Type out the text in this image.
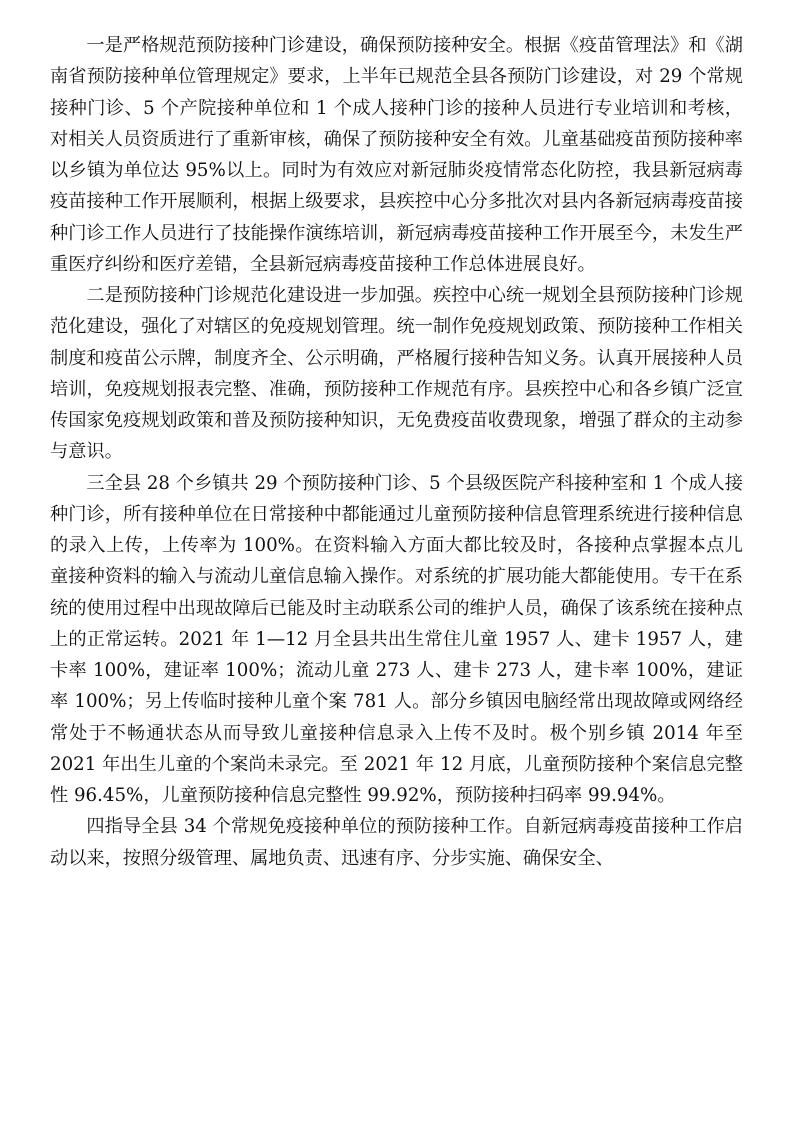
一是严格规范预防接种门诊建设，确保预防接种安全。根据《疫苗管理法》和《湖南省预防接种单位管理规定》要求，上半年已规范全县各预防门诊建设，对 29 个常规接种门诊、5 个产院接种单位和 1 个成人接种门诊的接种人员进行专业培训和考核，对相关人员资质进行了重新审核，确保了预防接种安全有效。儿童基础疫苗预防接种率以乡镇为单位达 95%以上。同时为有效应对新冠肺炎疫情常态化防控，我县新冠病毒疫苗接种工作开展顺利，根据上级要求，县疾控中心分多批次对县内各新冠病毒疫苗接种门诊工作人员进行了技能操作演练培训，新冠病毒疫苗接种工作开展至今，未发生严重医疗纠纷和医疗差错，全县新冠病毒疫苗接种工作总体进展良好。

二是预防接种门诊规范化建设进一步加强。疾控中心统一规划全县预防接种门诊规范化建设，强化了对辖区的免疫规划管理。统一制作免疫规划政策、预防接种工作相关制度和疫苗公示牌，制度齐全、公示明确，严格履行接种告知义务。认真开展接种人员培训，免疫规划报表完整、准确，预防接种工作规范有序。县疾控中心和各乡镇广泛宣传国家免疫规划政策和普及预防接种知识，无免费疫苗收费现象，增强了群众的主动参与意识。

三全县 28 个乡镇共 29 个预防接种门诊、5 个县级医院产科接种室和 1 个成人接种门诊，所有接种单位在日常接种中都能通过儿童预防接种信息管理系统进行接种信息的录入上传，上传率为 100%。在资料输入方面大都比较及时，各接种点掌握本点儿童接种资料的输入与流动儿童信息输入操作。对系统的扩展功能大都能使用。专干在系统的使用过程中出现故障后已能及时主动联系公司的维护人员，确保了该系统在接种点上的正常运转。2021 年 1—12 月全县共出生常住儿童 1957 人、建卡 1957 人，建卡率 100%，建证率 100%；流动儿童 273 人、建卡 273 人，建卡率 100%，建证率 100%；另上传临时接种儿童个案 781 人。部分乡镇因电脑经常出现故障或网络经常处于不畅通状态从而导致儿童接种信息录入上传不及时。极个别乡镇 2014 年至 2021 年出生儿童的个案尚未录完。至 2021 年 12 月底，儿童预防接种个案信息完整性 96.45%，儿童预防接种信息完整性 99.92%，预防接种扫码率 99.94%。

四指导全县 34 个常规免疫接种单位的预防接种工作。自新冠病毒疫苗接种工作启动以来，按照分级管理、属地负责、迅速有序、分步实施、确保安全、
